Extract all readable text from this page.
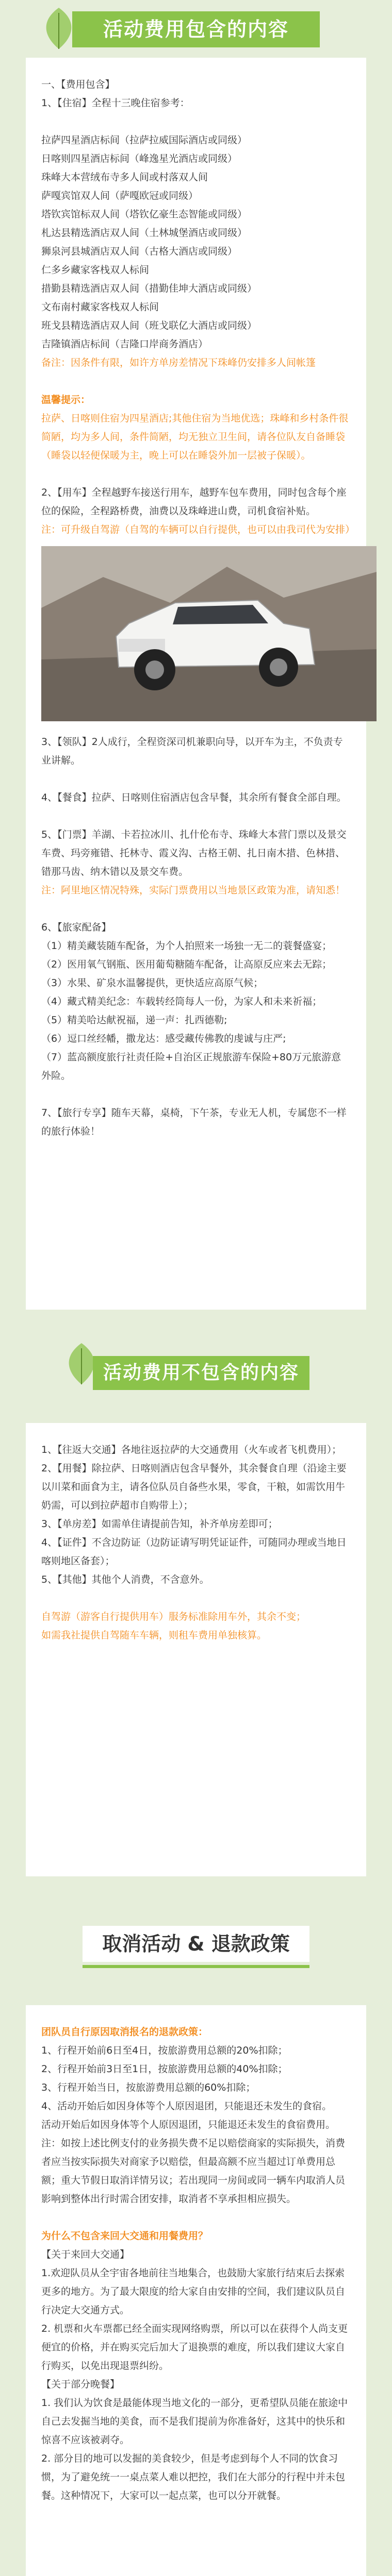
活动费用包含的内容
一、【费用包含】
1、【住宿】全程十三晚住宿参考：
拉萨四星酒店标间（拉萨拉威国际酒店或同级）
日喀则四星酒店标间（峰逸星光酒店或同级）
珠峰大本营绒布寺多人间或村落双人间
萨嘎宾馆双人间（萨嘎欧冠或同级）
塔钦宾馆标双人间（塔钦亿豪生态智能或同级）
札达县精选酒店双人间（土林城堡酒店或同级）
狮泉河县城酒店双人间（古格大酒店或同级）
仁多乡藏家客栈双人标间
措勤县精选酒店双人间（措勤佳坤大酒店或同级）
文布南村藏家客栈双人标间
班戈县精选酒店双人间（班戈联亿大酒店或同级）
吉隆镇酒店标间（吉隆口岸商务酒店）
备注：因条件有限，如许方单房差情况下珠峰仍安排多人间帐篷
温馨提示：
拉萨、日喀则住宿为四星酒店;其他住宿为当地优选；珠峰和乡村条件很简陋，均为多人间，条件简陋，均无独立卫生间，请各位队友自备睡袋（睡袋以轻便保暖为主，晚上可以在睡袋外加一层被子保暖）。
2、【用车】全程越野车接送行用车，越野车包车费用，同时包含每个座位的保险，全程路桥费，油费以及珠峰进山费，司机食宿补贴。
注：可升级自驾游（自驾的车辆可以自行提供，也可以由我司代为安排）
3、【领队】2人成行，全程资深司机兼职向导，以开车为主，不负责专业讲解。
4、【餐食】拉萨、日喀则住宿酒店包含早餐，其余所有餐食全部自理。
5、【门票】羊湖、卡若拉冰川、扎什伦布寺、珠峰大本营门票以及景交车费、玛旁雍错、托林寺、霞义沟、古格王朝、扎日南木措、色林措、错那马齿、纳木错以及景交车费。
注：阿里地区情况特殊，实际门票费用以当地景区政策为准，请知悉！
6、【旅家配备】
（1）精美藏装随车配备，为个人拍照来一场独一无二的蓑餐盛宴；
（2）医用氧气钢瓶、医用葡萄糖随车配备，让高原反应来去无踪；
（3）水果、矿泉水温馨提供，更快适应高原气候；
（4）藏式精美纪念：车载转经筒每人一份，为家人和未来祈福；
（5）精美哈达献祝福，递一声：扎西德勒;
（6）逗口丝经幡，撒龙达：感受藏传佛教的虔诚与庄严;
（7）蓝高额度旅行社责任险+自治区正规旅游车保险+80万元旅游意外险。
7、【旅行专享】随车天幕，桌椅，下午茶，专业无人机，专属您不一样的旅行体验！
活动费用不包含的内容
1、【往返大交通】各地往返拉萨的大交通费用（火车或者飞机费用）；
2、【用餐】除拉萨、日喀则酒店包含早餐外，其余餐食自理（沿途主要以川菜和面食为主，请各位队员自备些水果，零食，干粮，如需饮用牛奶需，可以到拉萨超市自购带上）；
3、【单房差】如需单住请提前告知，补齐单房差即可；
4、【证件】不含边防证（边防证请写明凭证证件，可随同办理或当地日喀则地区备套）；
5、【其他】其他个人消费，不含意外。
自驾游（游客自行提供用车）服务标准除用车外，其余不变；
如需我社提供自驾随车车辆，则租车费用单独核算。
取消活动 & 退款政策
团队员自行原因取消报名的退款政策：
1、行程开始前6日至4日，按旅游费用总额的20%扣除；
2、行程开始前3日至1日，按旅游费用总额的40%扣除；
3、行程开始当日，按旅游费用总额的60%扣除；
4、活动开始后如因身体等个人原因退团，只能退还未发生的食宿。
活动开始后如因身体等个人原因退团，只能退还未发生的食宿费用。
注：如按上述比例支付的业务损失费不足以赔偿商家的实际损失，消费者应当按实际损失对商家予以赔偿，但最高额不应当超过订单费用总额；重大节假日取消详情另议；若出现同一房间或同一辆车内取消人员影响到整体出行时需合团安排，取消者不享承担相应损失。
为什么不包含来回大交通和用餐费用？
【关于来回大交通】
1.欢迎队员从全宇宙各地前往当地集合，也鼓励大家旅行结束后去探索更多的地方。为了最大限度的给大家自由安排的空间，我们建议队员自行决定大交通方式。
2. 机票和火车票都已经全面实现网络购票，所以可以在获得个人尚支更便宜的价格，并在购买完后加大了退换票的难度，所以我们建议大家自行购买，以免出现退票纠纷。
【关于部分晚餐】
1. 我们认为饮食是最能体现当地文化的一部分，更希望队员能在旅途中自己去发掘当地的美食，而不是我们提前为你准备好，这其中的快乐和惊喜不应该被剥夺。
2. 部分目的地可以发掘的美食较少，但是考虑到每个人不同的饮食习惯，为了避免统一一桌点菜人难以把控，我们在大部分的行程中并未包餐。这种情况下，大家可以一起点菜，也可以分开就餐。
